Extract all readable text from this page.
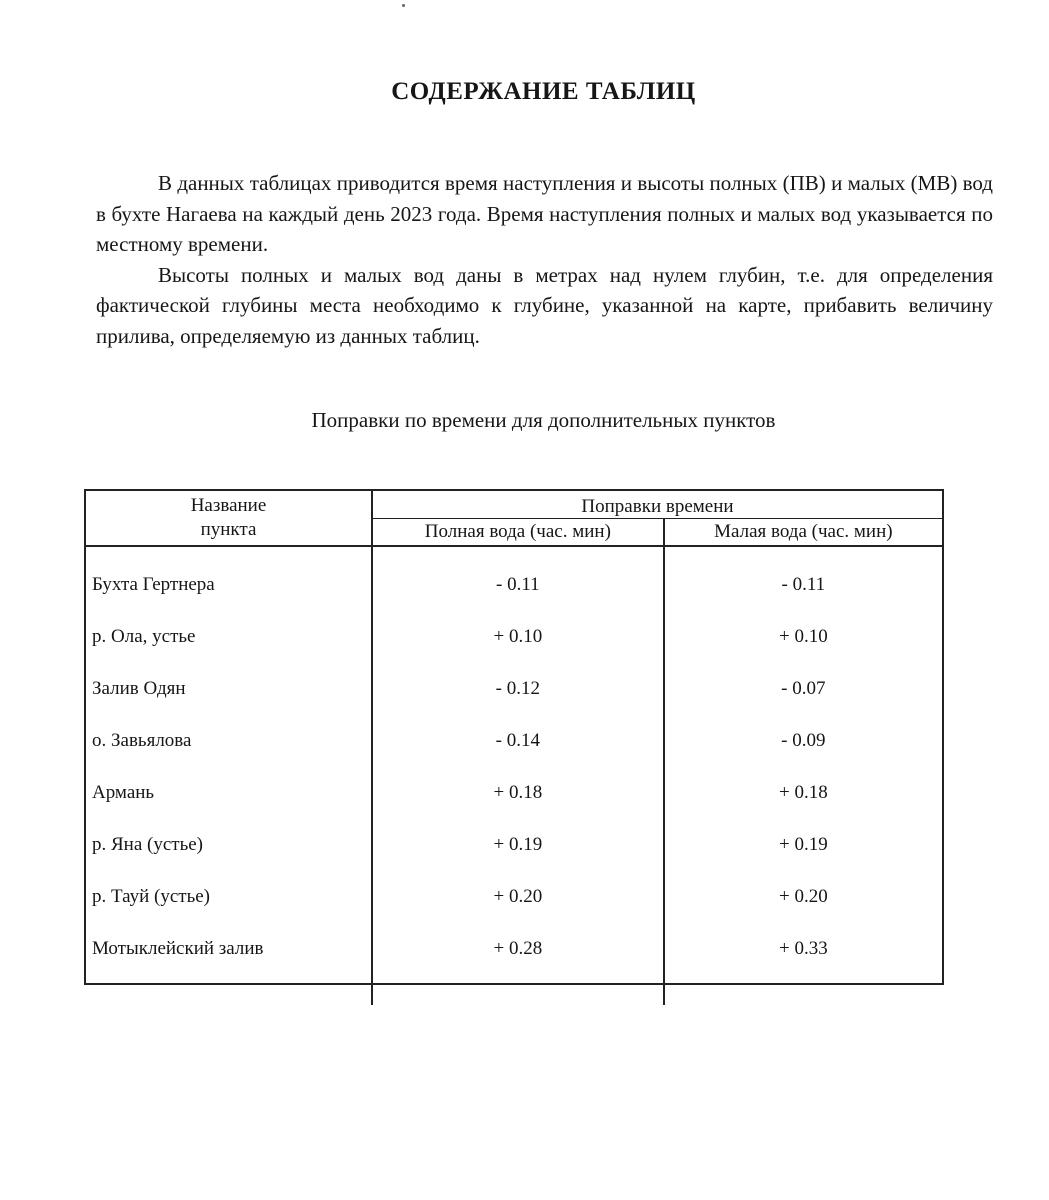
СОДЕРЖАНИЕ ТАБЛИЦ

В данных таблицах приводится время наступления и высоты полных (ПВ) и малых (МВ) вод в бухте Нагаева на каждый день 2023 года. Время наступления полных и малых вод указывается по местному времени.

Высоты полных и малых вод даны в метрах над нулем глубин, т.е. для определения фактической глубины места необходимо к глубине, указанной на карте, прибавить величину прилива, определяемую из данных таблиц.

Поправки по времени для дополнительных пунктов
Название
пункта	Поправки времени	
	Полная вода (час. мин)	Малая вода (час. мин)

Бухта Гертнера	- 0.11	- 0.11
р. Ола, устье	+ 0.10	+ 0.10
Залив Одян	- 0.12	- 0.07
о. Завьялова	- 0.14	- 0.09
Армань	+ 0.18	+ 0.18
р. Яна (устье)	+ 0.19	+ 0.19
р. Тауй (устье)	+ 0.20	+ 0.20
Мотыклейский залив	+ 0.28	+ 0.33
